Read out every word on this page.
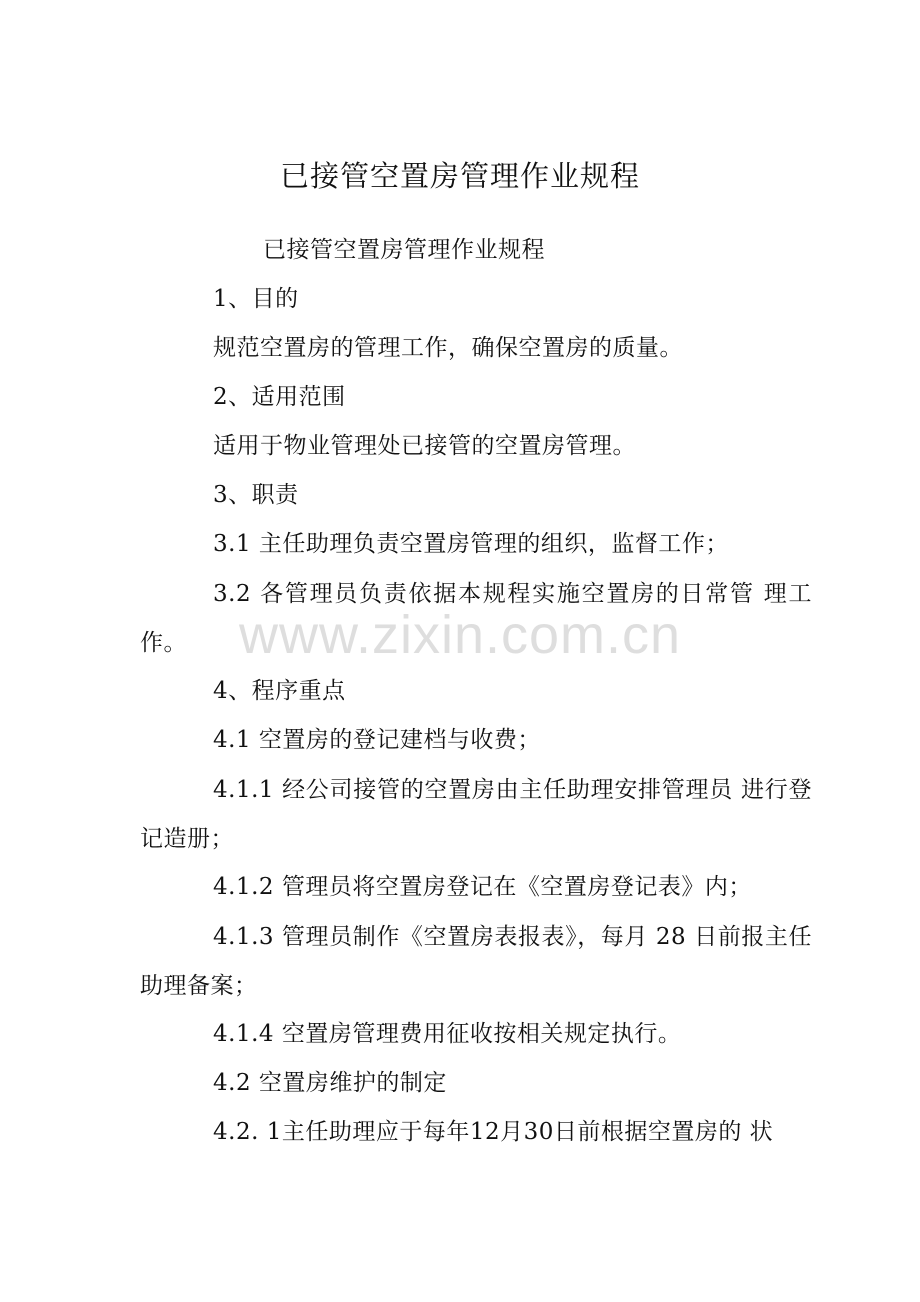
已接管空置房管理作业规程
已接管空置房管理作业规程
1、目的
规范空置房的管理工作，确保空置房的质量。
2、适用范围
适用于物业管理处已接管的空置房管理。
3、职责
3.1 主任助理负责空置房管理的组织，监督工作；
3.2 各管理员负责依据本规程实施空置房的日常管 理工作。
4、程序重点
4.1 空置房的登记建档与收费；
4.1.1 经公司接管的空置房由主任助理安排管理员 进行登记造册；
4.1.2 管理员将空置房登记在《空置房登记表》内；
4.1.3 管理员制作《空置房表报表》，每月 28 日前报主任助理备案；
4.1.4 空置房管理费用征收按相关规定执行。
4.2 空置房维护的制定
4.2. 1主任助理应于每年12月30日前根据空置房的 状
www.zixin.com.cn
